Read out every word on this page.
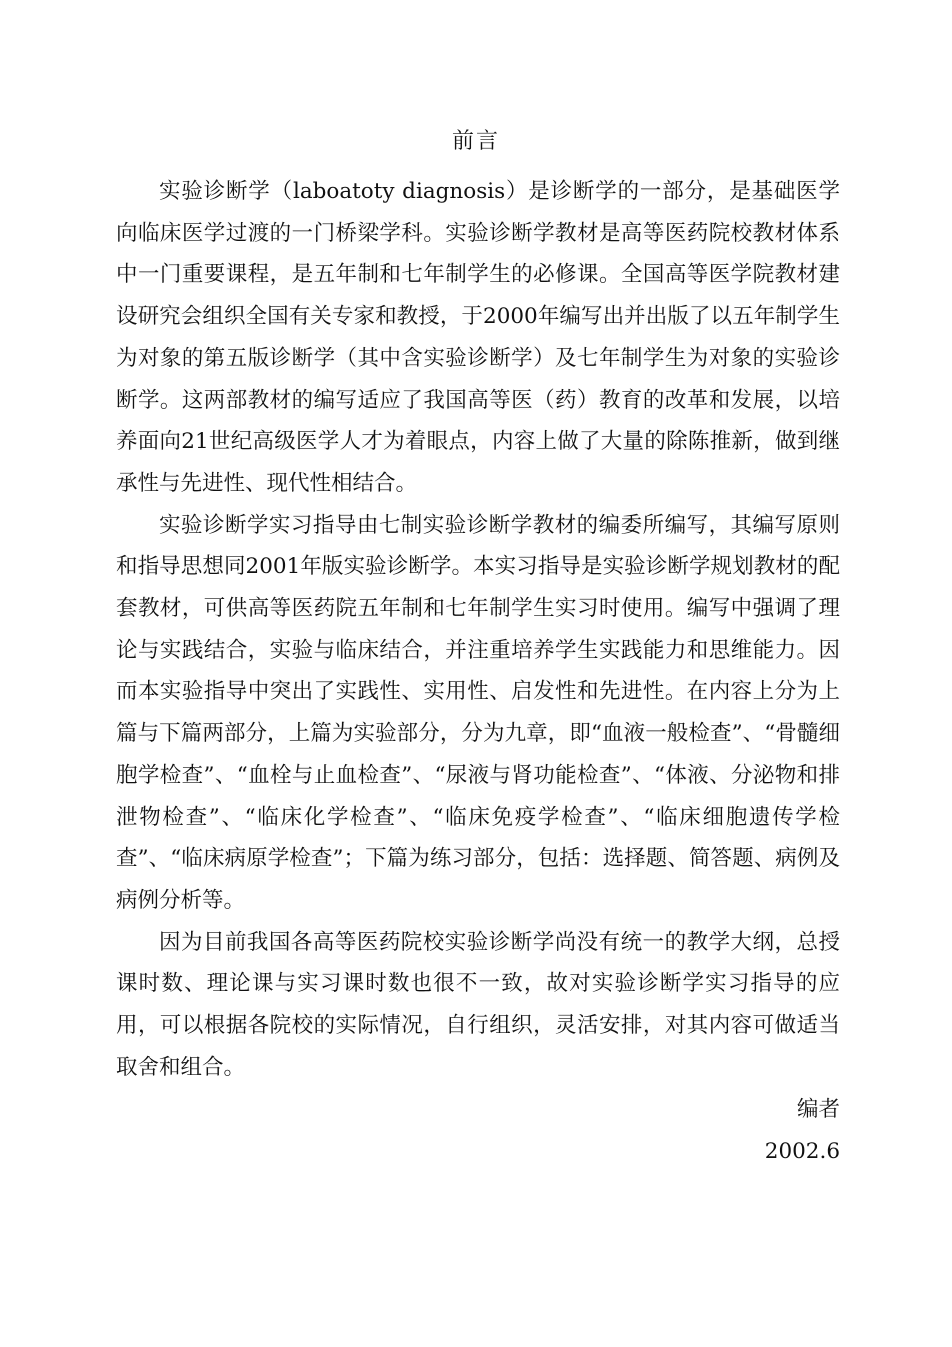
前言

实验诊断学（laboatoty diagnosis）是诊断学的一部分，是基础医学向临床医学过渡的一门桥梁学科。实验诊断学教材是高等医药院校教材体系中一门重要课程，是五年制和七年制学生的必修课。全国高等医学院教材建设研究会组织全国有关专家和教授，于2000年编写出并出版了以五年制学生为对象的第五版诊断学（其中含实验诊断学）及七年制学生为对象的实验诊断学。这两部教材的编写适应了我国高等医（药）教育的改革和发展，以培养面向21世纪高级医学人才为着眼点，内容上做了大量的除陈推新，做到继承性与先进性、现代性相结合。

实验诊断学实习指导由七制实验诊断学教材的编委所编写，其编写原则和指导思想同2001年版实验诊断学。本实习指导是实验诊断学规划教材的配套教材，可供高等医药院五年制和七年制学生实习时使用。编写中强调了理论与实践结合，实验与临床结合，并注重培养学生实践能力和思维能力。因而本实验指导中突出了实践性、实用性、启发性和先进性。在内容上分为上篇与下篇两部分，上篇为实验部分，分为九章，即“血液一般检查”、“骨髓细胞学检查”、“血栓与止血检查”、“尿液与肾功能检查”、“体液、分泌物和排泄物检查”、“临床化学检查”、“临床免疫学检查”、“临床细胞遗传学检查”、“临床病原学检查”；下篇为练习部分，包括：选择题、简答题、病例及病例分析等。

因为目前我国各高等医药院校实验诊断学尚没有统一的教学大纲，总授课时数、理论课与实习课时数也很不一致，故对实验诊断学实习指导的应用，可以根据各院校的实际情况，自行组织，灵活安排，对其内容可做适当取舍和组合。

编者
2002.6
